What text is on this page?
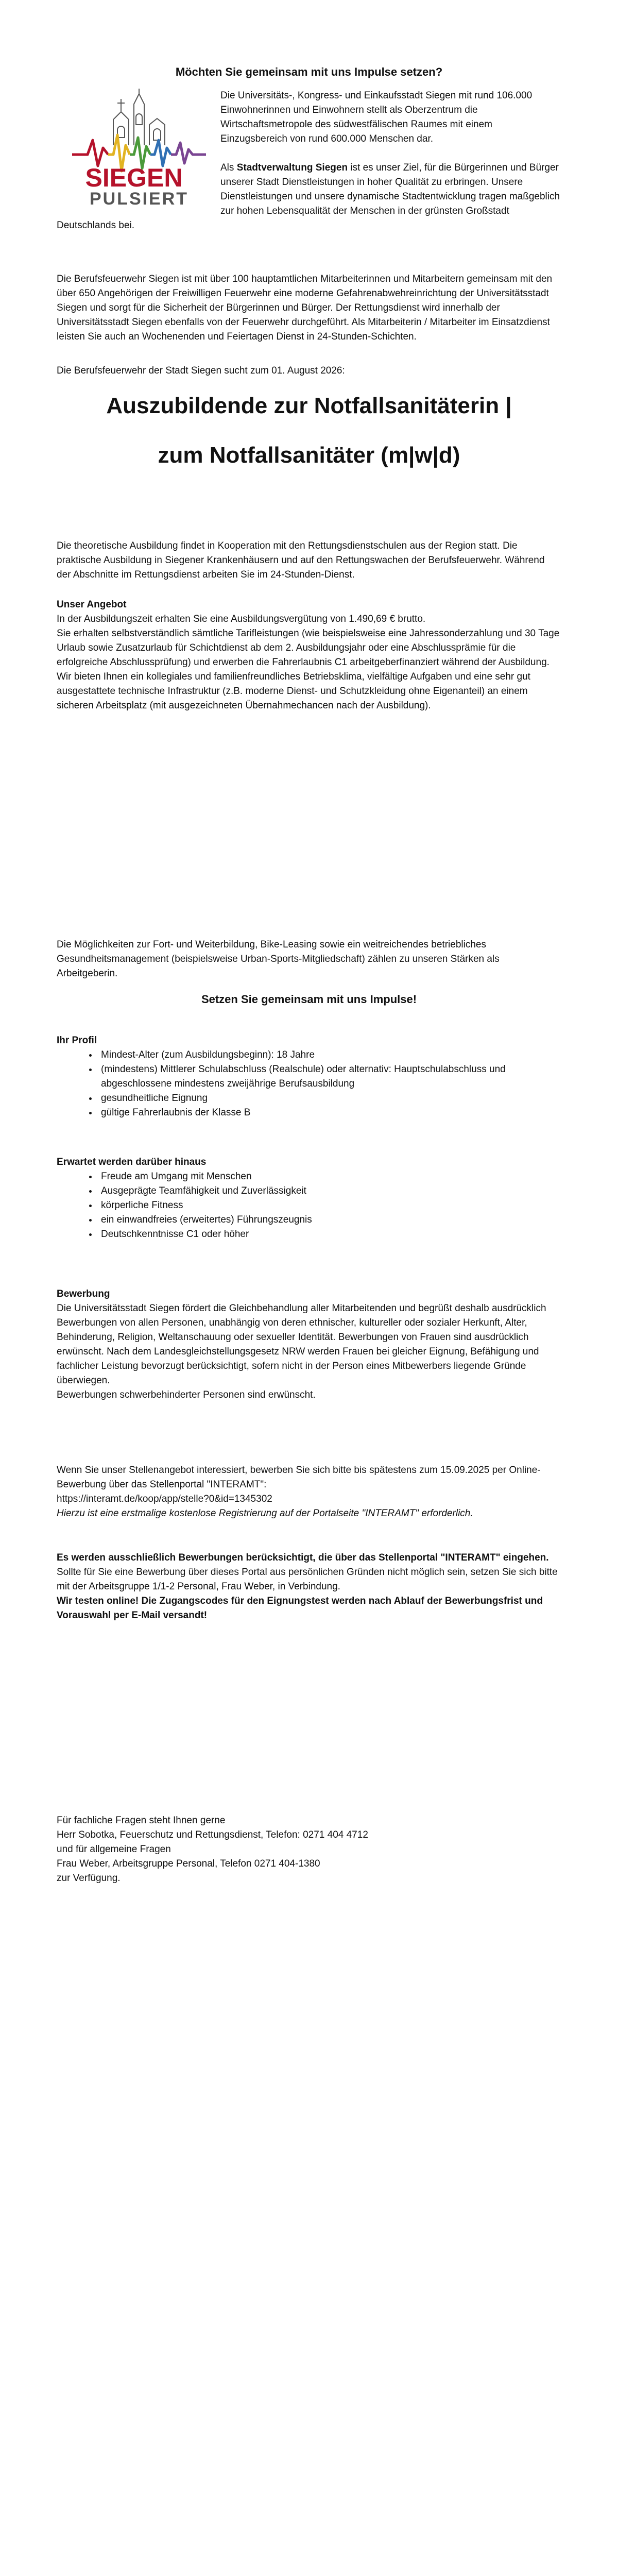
Möchten Sie gemeinsam mit uns Impulse setzen?
SIEGEN
PULSIERT

Die Universitäts-, Kongress- und Einkaufsstadt Siegen mit rund 106.000 Einwohnerinnen und Einwohnern stellt als Oberzentrum die Wirtschaftsmetropole des südwestfälischen Raumes mit einem Einzugsbereich von rund 600.000 Menschen dar.

Als Stadtverwaltung Siegen ist es unser Ziel, für die Bürgerinnen und Bürger unserer Stadt Dienstleistungen in hoher Qualität zu erbringen. Unsere Dienstleistungen und unsere dynamische Stadtentwicklung tragen maßgeblich zur hohen Lebensqualität der Menschen in der grünsten Großstadt Deutschlands bei.

Die Berufsfeuerwehr Siegen ist mit über 100 hauptamtlichen Mitarbeiterinnen und Mitarbeitern gemeinsam mit den über 650 Angehörigen der Freiwilligen Feuerwehr eine moderne Gefahrenabwehreinrichtung der Universitätsstadt Siegen und sorgt für die Sicherheit der Bürgerinnen und Bürger. Der Rettungsdienst wird innerhalb der Universitätsstadt Siegen ebenfalls von der Feuerwehr durchgeführt. Als Mitarbeiterin / Mitarbeiter im Einsatzdienst leisten Sie auch an Wochenenden und Feiertagen Dienst in 24-Stunden-Schichten.

Die Berufsfeuerwehr der Stadt Siegen sucht zum 01. August 2026:

Auszubildende zur Notfallsanitäterin |
zum Notfallsanitäter (m|w|d)

Die theoretische Ausbildung findet in Kooperation mit den Rettungsdienstschulen aus der Region statt. Die praktische Ausbildung in Siegener Krankenhäusern und auf den Rettungswachen der Berufsfeuerwehr. Während der Abschnitte im Rettungsdienst arbeiten Sie im 24-Stunden-Dienst.

Unser Angebot

In der Ausbildungszeit erhalten Sie eine Ausbildungsvergütung von 1.490,69 € brutto.

Sie erhalten selbstverständlich sämtliche Tarifleistungen (wie beispielsweise eine Jahressonderzahlung und 30 Tage Urlaub sowie Zusatzurlaub für Schichtdienst ab dem 2. Ausbildungsjahr oder eine Abschlussprämie für die erfolgreiche Abschlussprüfung) und erwerben die Fahrerlaubnis C1 arbeitgeberfinanziert während der Ausbildung.

Wir bieten Ihnen ein kollegiales und familienfreundliches Betriebsklima, vielfältige Aufgaben und eine sehr gut ausgestattete technische Infrastruktur (z.B. moderne Dienst- und Schutzkleidung ohne Eigenanteil) an einem sicheren Arbeitsplatz (mit ausgezeichneten Übernahmechancen nach der Ausbildung).

Die Möglichkeiten zur Fort- und Weiterbildung, Bike-Leasing sowie ein weitreichendes betriebliches Gesundheitsmanagement (beispielsweise Urban-Sports-Mitgliedschaft) zählen zu unseren Stärken als Arbeitgeberin.

Setzen Sie gemeinsam mit uns Impulse!

Ihr Profil

• Mindest-Alter (zum Ausbildungsbeginn): 18 Jahre
• (mindestens) Mittlerer Schulabschluss (Realschule) oder alternativ: Hauptschulabschluss und abgeschlossene mindestens zweijährige Berufsausbildung
• gesundheitliche Eignung
• gültige Fahrerlaubnis der Klasse B

Erwartet werden darüber hinaus

• Freude am Umgang mit Menschen
• Ausgeprägte Teamfähigkeit und Zuverlässigkeit
• körperliche Fitness
• ein einwandfreies (erweitertes) Führungszeugnis
• Deutschkenntnisse C1 oder höher

Bewerbung

Die Universitätsstadt Siegen fördert die Gleichbehandlung aller Mitarbeitenden und begrüßt deshalb ausdrücklich Bewerbungen von allen Personen, unabhängig von deren ethnischer, kultureller oder sozialer Herkunft, Alter, Behinderung, Religion, Weltanschauung oder sexueller Identität. Bewerbungen von Frauen sind ausdrücklich erwünscht. Nach dem Landesgleichstellungsgesetz NRW werden Frauen bei gleicher Eignung, Befähigung und fachlicher Leistung bevorzugt berücksichtigt, sofern nicht in der Person eines Mitbewerbers liegende Gründe überwiegen.

Bewerbungen schwerbehinderter Personen sind erwünscht.

Wenn Sie unser Stellenangebot interessiert, bewerben Sie sich bitte bis spätestens zum 15.09.2025 per Online-Bewerbung über das Stellenportal "INTERAMT":

https://interamt.de/koop/app/stelle?0&id=1345302

Hierzu ist eine erstmalige kostenlose Registrierung auf der Portalseite "INTERAMT" erforderlich.

Es werden ausschließlich Bewerbungen berücksichtigt, die über das Stellenportal "INTERAMT" eingehen. Sollte für Sie eine Bewerbung über dieses Portal aus persönlichen Gründen nicht möglich sein, setzen Sie sich bitte mit der Arbeitsgruppe 1/1-2 Personal, Frau Weber, in Verbindung.

Wir testen online! Die Zugangscodes für den Eignungstest werden nach Ablauf der Bewerbungsfrist und Vorauswahl per E-Mail versandt!

Für fachliche Fragen steht Ihnen gerne

Herr Sobotka, Feuerschutz und Rettungsdienst, Telefon: 0271 404 4712

und für allgemeine Fragen

Frau Weber, Arbeitsgruppe Personal, Telefon 0271 404-1380

zur Verfügung.
